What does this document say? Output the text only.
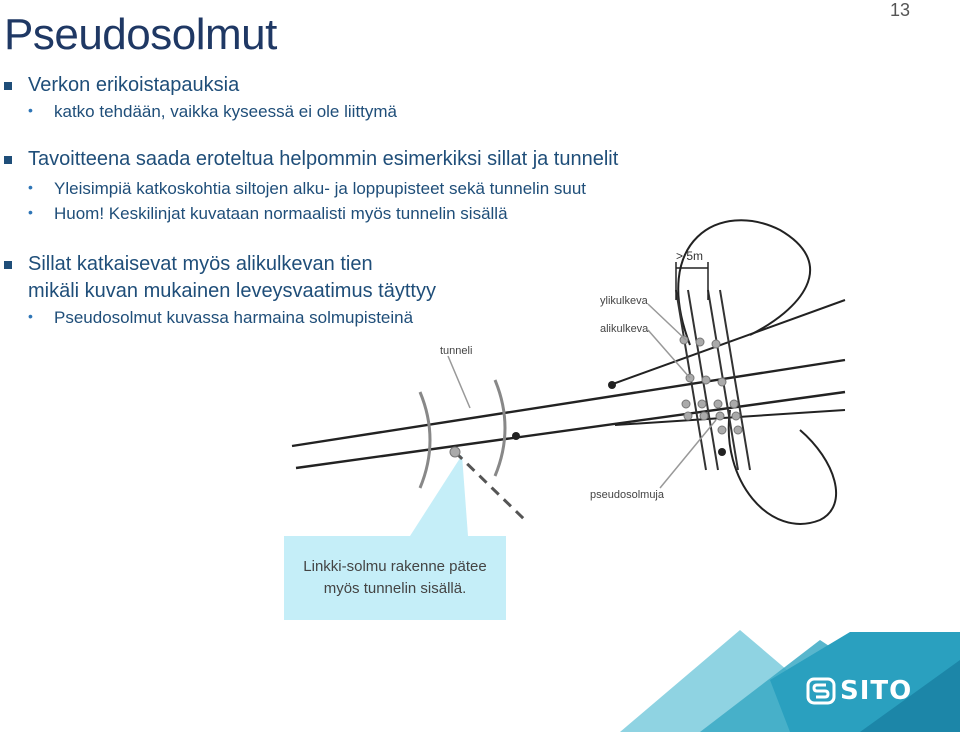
Pseudosolmut	13
Verkon erikoistapauksia
• katko tehdään, vaikka kyseessä ei ole liittymä
Tavoitteena saada eroteltua helpommin esimerkiksi sillat ja tunnelit
• Yleisimpiä katkoskohtia siltojen alku- ja loppupisteet sekä tunnelin suut
• Huom! Keskilinjat kuvataan normaalisti myös tunnelin sisällä
Sillat katkaisevat myös alikulkevan tien
mikäli kuvan mukainen leveysvaatimus täyttyy
• Pseudosolmut kuvassa harmaina solmupisteinä
> 5m
ylikulkeva
alikulkeva
tunneli
pseudosolmuja
Linkki-solmu rakenne pätee
myös tunnelin sisällä.
SITO
